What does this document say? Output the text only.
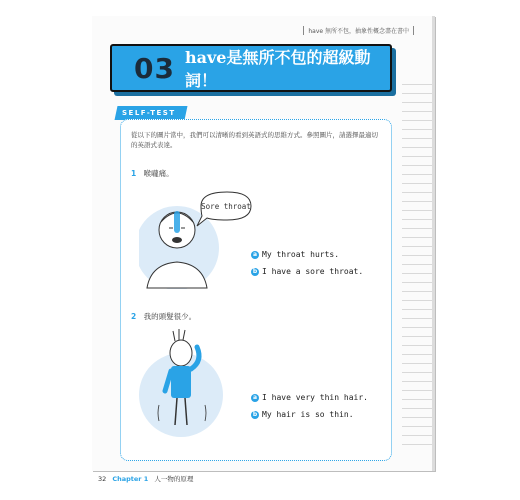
have 無所不包，抽象性概念盡在書中
03 have是無所不包的超級動詞！
SELF-TEST
從以下的圖片當中，我們可以清晰的看到英語式的思維方式。參照圖片，請選擇最適切的英語式表達。
1 喉嚨痛。
Sore throat
a My throat hurts.
b I have a sore throat.
2 我的頭髮很少。
a I have very thin hair.
b My hair is so thin.
32 Chapter 1 人一物的原理
